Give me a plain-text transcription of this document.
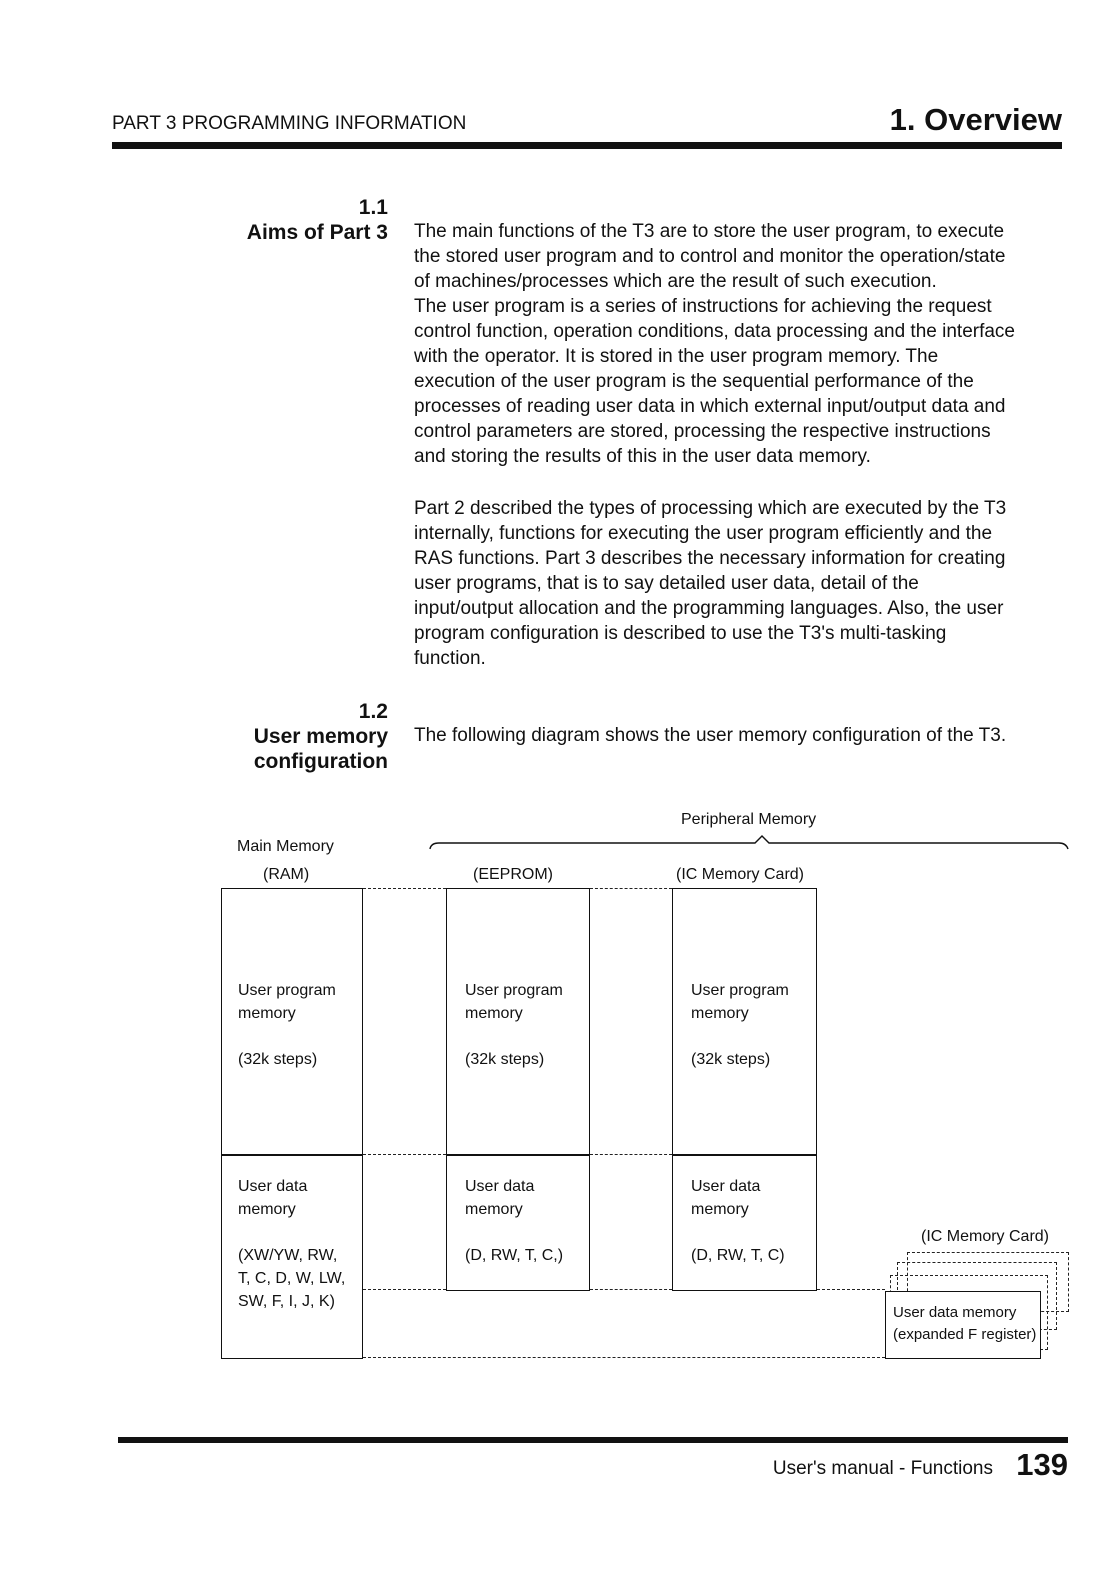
PART 3 PROGRAMMING INFORMATION	1. Overview
1.1
Aims of Part 3 The main functions of the T3 are to store the user program, to execute
the stored user program and to control and monitor the operation/state
of machines/processes which are the result of such execution.
The user program is a series of instructions for achieving the request
control function, operation conditions, data processing and the interface
with the operator. It is stored in the user program memory. The
execution of the user program is the sequential performance of the
processes of reading user data in which external input/output data and
control parameters are stored, processing the respective instructions
and storing the results of this in the user data memory.
Part 2 described the types of processing which are executed by the T3
internally, functions for executing the user program efficiently and the
RAS functions. Part 3 describes the necessary information for creating
user programs, that is to say detailed user data, detail of the
input/output allocation and the programming languages. Also, the user
program configuration is described to use the T3's multi-tasking
function.
1.2
User memory
configuration
The following diagram shows the user memory configuration of the T3.
Peripheral Memory
Main Memory
(RAM)	(EEPROM)	(IC Memory Card)
User program
memory

(32k steps)
User data
memory

(XW/YW, RW,
T, C, D, W, LW,
SW, F, I, J, K)
User program
memory

(32k steps)
User data
memory

(D, RW, T, C,)
User program
memory

(32k steps)
User data
memory

(D, RW, T, C)
(IC Memory Card)
User data memory
(expanded F register)
User's manual - Functions 139
